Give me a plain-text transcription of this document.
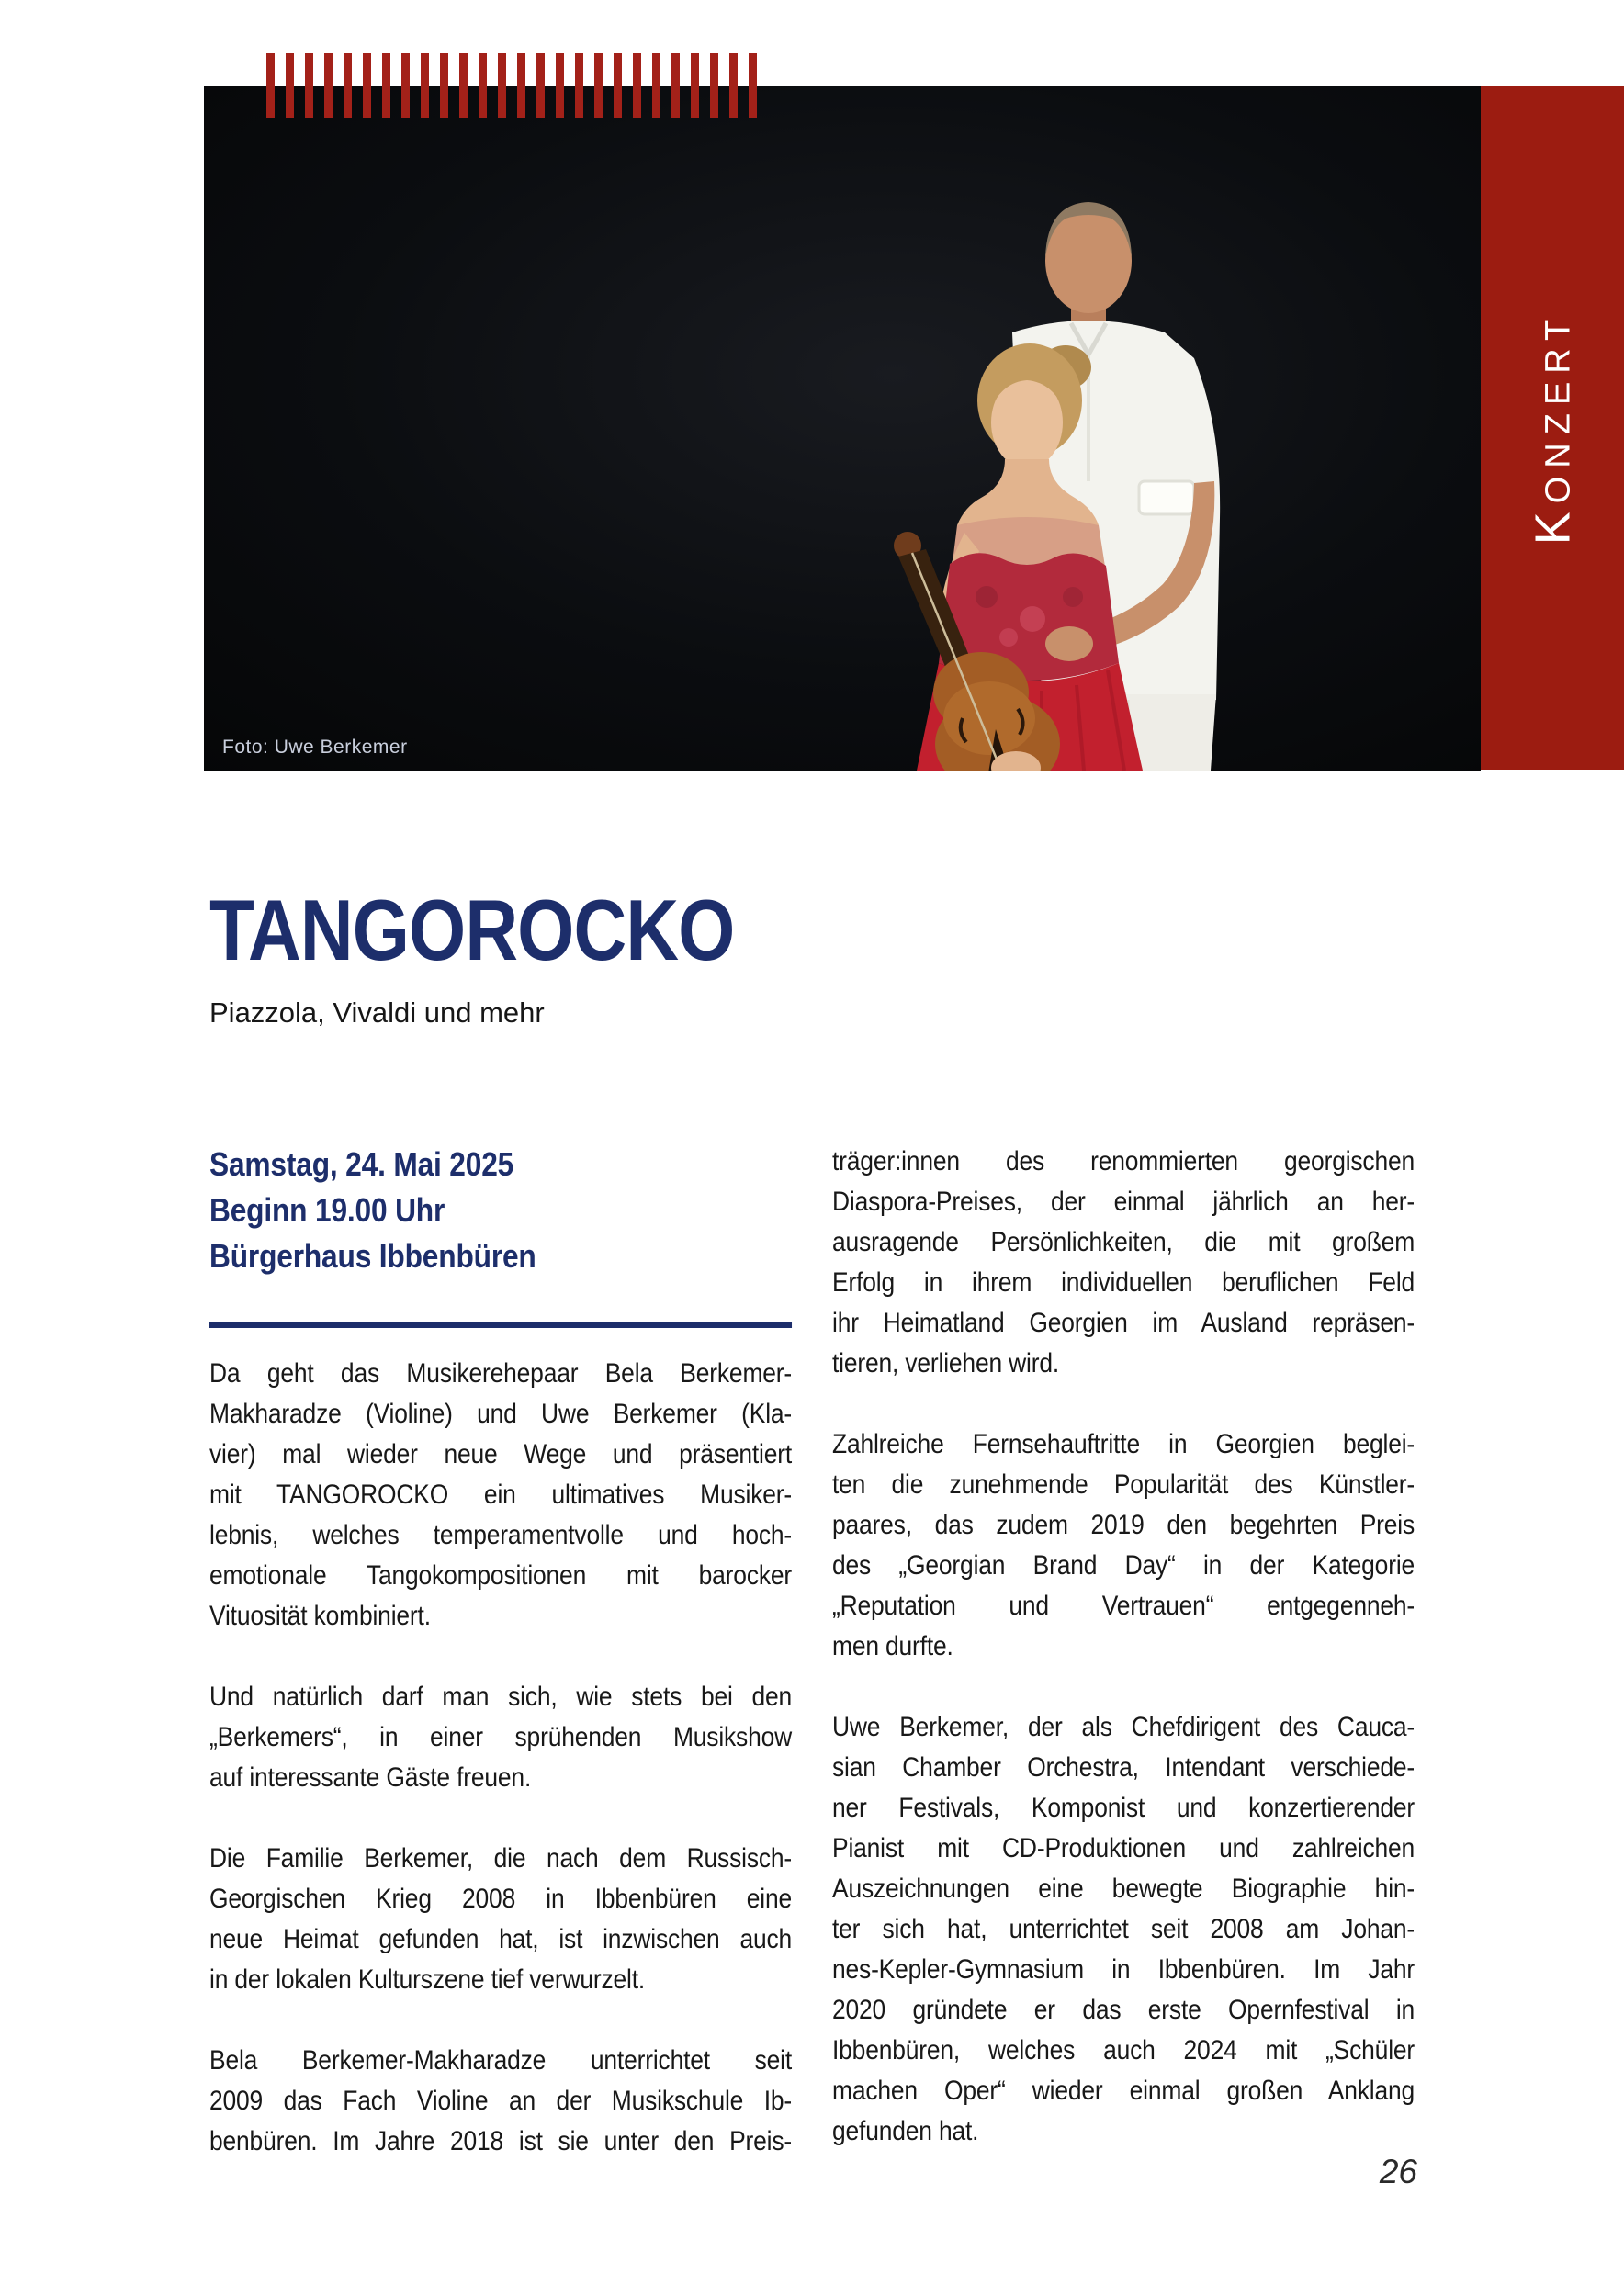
Foto: Uwe Berkemer
Konzert
TANGOROCKO
Piazzola, Vivaldi und mehr
Samstag, 24. Mai 2025
Beginn 19.00 Uhr
Bürgerhaus Ibbenbüren
Da geht das Musikerehepaar Bela Berkemer-
Makharadze (Violine) und Uwe Berkemer (Kla-
vier) mal wieder neue Wege und präsentiert
mit TANGOROCKO ein ultimatives Musiker-
lebnis, welches temperamentvolle und hoch-
emotionale Tangokompositionen mit barocker
Vituosität kombiniert.
Und natürlich darf man sich, wie stets bei den
„Berkemers“, in einer sprühenden Musikshow
auf interessante Gäste freuen.
Die Familie Berkemer, die nach dem Russisch-
Georgischen Krieg 2008 in Ibbenbüren eine
neue Heimat gefunden hat, ist inzwischen auch
in der lokalen Kulturszene tief verwurzelt.
Bela Berkemer-Makharadze unterrichtet seit
2009 das Fach Violine an der Musikschule Ib-
benbüren. Im Jahre 2018 ist sie unter den Preis-
träger:innen des renommierten georgischen
Diaspora-Preises, der einmal jährlich an her-
ausragende Persönlichkeiten, die mit großem
Erfolg in ihrem individuellen beruflichen Feld
ihr Heimatland Georgien im Ausland repräsen-
tieren, verliehen wird.
Zahlreiche Fernsehauftritte in Georgien beglei-
ten die zunehmende Popularität des Künstler-
paares, das zudem 2019 den begehrten Preis
des „Georgian Brand Day“ in der Kategorie
„Reputation und Vertrauen“ entgegenneh-
men durfte.
Uwe Berkemer, der als Chefdirigent des Cauca-
sian Chamber Orchestra, Intendant verschiede-
ner Festivals, Komponist und konzertierender
Pianist mit CD-Produktionen und zahlreichen
Auszeichnungen eine bewegte Biographie hin-
ter sich hat, unterrichtet seit 2008 am Johan-
nes-Kepler-Gymnasium in Ibbenbüren. Im Jahr
2020 gründete er das erste Opernfestival in
Ibbenbüren, welches auch 2024 mit „Schüler
machen Oper“ wieder einmal großen Anklang
gefunden hat.
26
